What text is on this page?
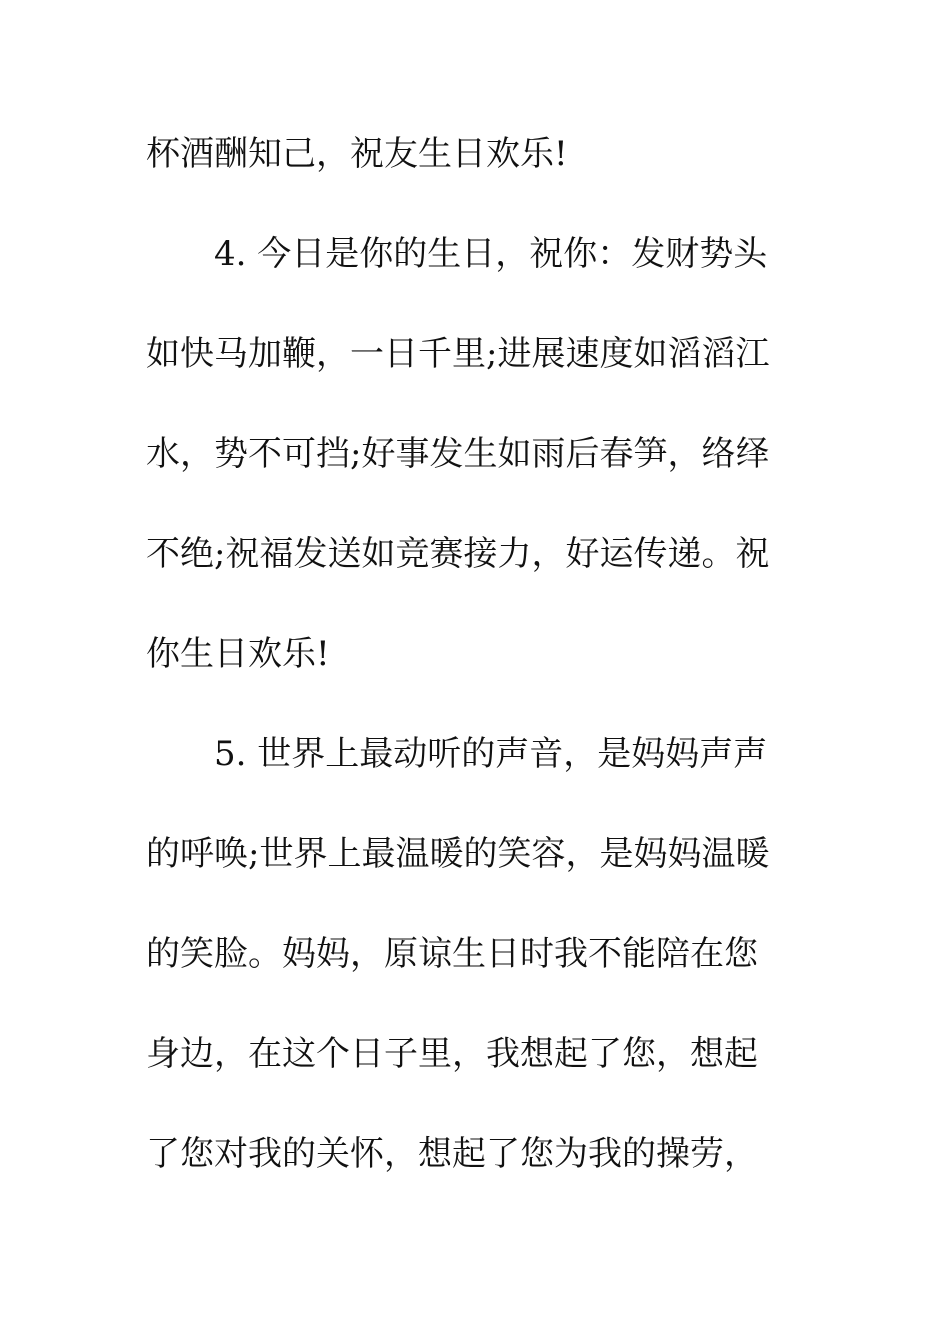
杯酒酬知己，祝友生日欢乐!
4. 今日是你的生日，祝你：发财势头
如快马加鞭，一日千里;进展速度如滔滔江
水，势不可挡;好事发生如雨后春笋，络绎
不绝;祝福发送如竞赛接力，好运传递。祝
你生日欢乐!
5. 世界上最动听的声音，是妈妈声声
的呼唤;世界上最温暖的笑容，是妈妈温暖
的笑脸。妈妈，原谅生日时我不能陪在您
身边，在这个日子里，我想起了您，想起
了您对我的关怀，想起了您为我的操劳，
